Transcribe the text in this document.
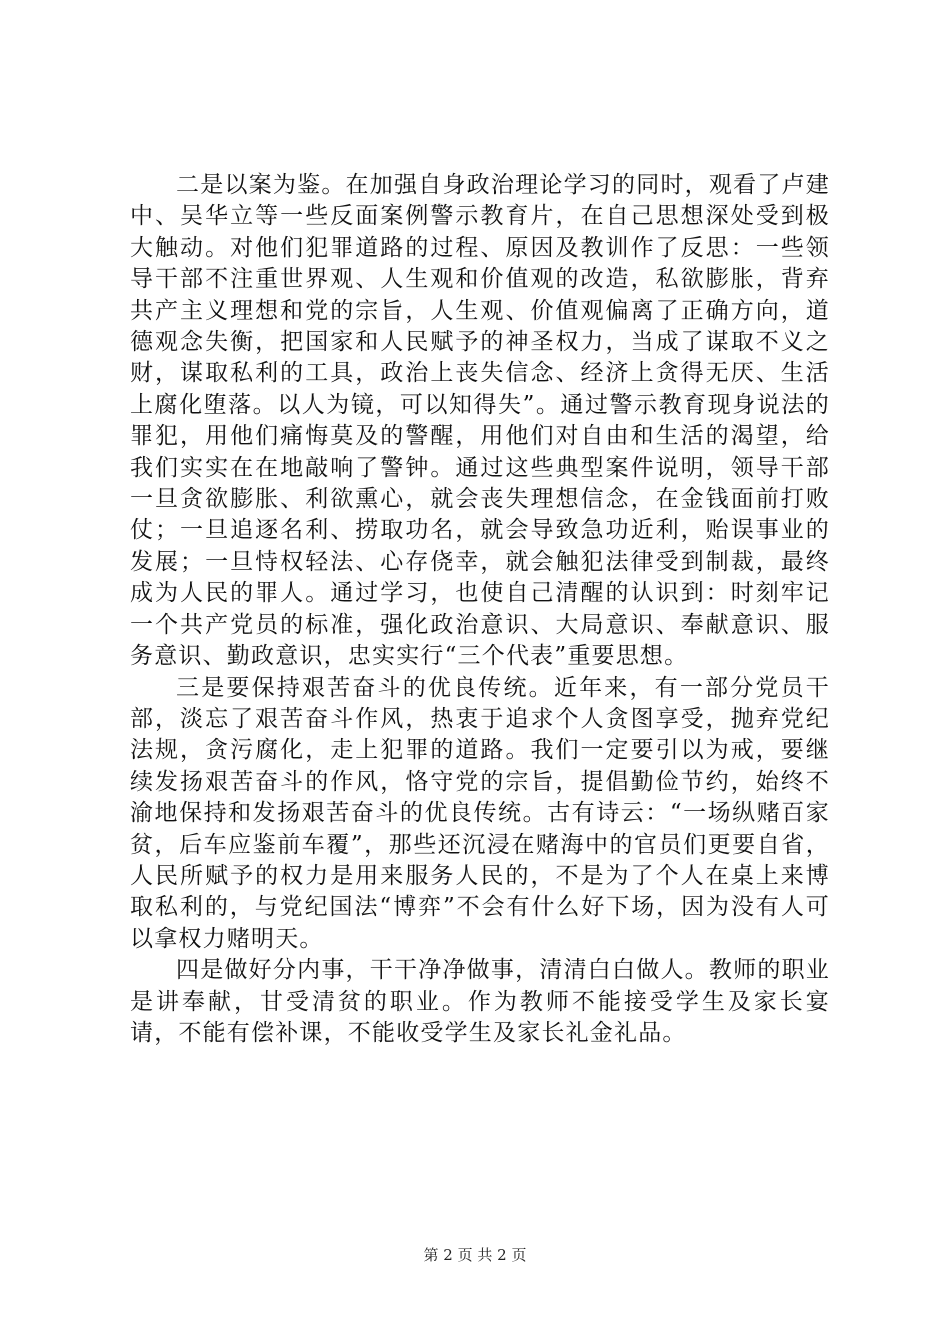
二是以案为鉴。在加强自身政治理论学习的同时，观看了卢建中、吴华立等一些反面案例警示教育片，在自己思想深处受到极大触动。对他们犯罪道路的过程、原因及教训作了反思：一些领导干部不注重世界观、人生观和价值观的改造，私欲膨胀，背弃共产主义理想和党的宗旨，人生观、价值观偏离了正确方向，道德观念失衡，把国家和人民赋予的神圣权力，当成了谋取不义之财，谋取私利的工具，政治上丧失信念、经济上贪得无厌、生活上腐化堕落。以人为镜，可以知得失”。通过警示教育现身说法的罪犯，用他们痛悔莫及的警醒，用他们对自由和生活的渴望，给我们实实在在地敲响了警钟。通过这些典型案件说明，领导干部一旦贪欲膨胀、利欲熏心，就会丧失理想信念，在金钱面前打败仗；一旦追逐名利、捞取功名，就会导致急功近利，贻误事业的发展；一旦恃权轻法、心存侥幸，就会触犯法律受到制裁，最终成为人民的罪人。通过学习，也使自己清醒的认识到：时刻牢记一个共产党员的标准，强化政治意识、大局意识、奉献意识、服务意识、勤政意识，忠实实行“三个代表”重要思想。

三是要保持艰苦奋斗的优良传统。近年来，有一部分党员干部，淡忘了艰苦奋斗作风，热衷于追求个人贪图享受，抛弃党纪法规，贪污腐化，走上犯罪的道路。我们一定要引以为戒，要继续发扬艰苦奋斗的作风，恪守党的宗旨，提倡勤俭节约，始终不渝地保持和发扬艰苦奋斗的优良传统。古有诗云：“一场纵赌百家贫，后车应鉴前车覆”，那些还沉浸在赌海中的官员们更要自省，人民所赋予的权力是用来服务人民的，不是为了个人在桌上来博取私利的，与党纪国法“博弈”不会有什么好下场，因为没有人可以拿权力赌明天。

四是做好分内事，干干净净做事，清清白白做人。教师的职业是讲奉献，甘受清贫的职业。作为教师不能接受学生及家长宴请，不能有偿补课，不能收受学生及家长礼金礼品。

第 2 页 共 2 页
